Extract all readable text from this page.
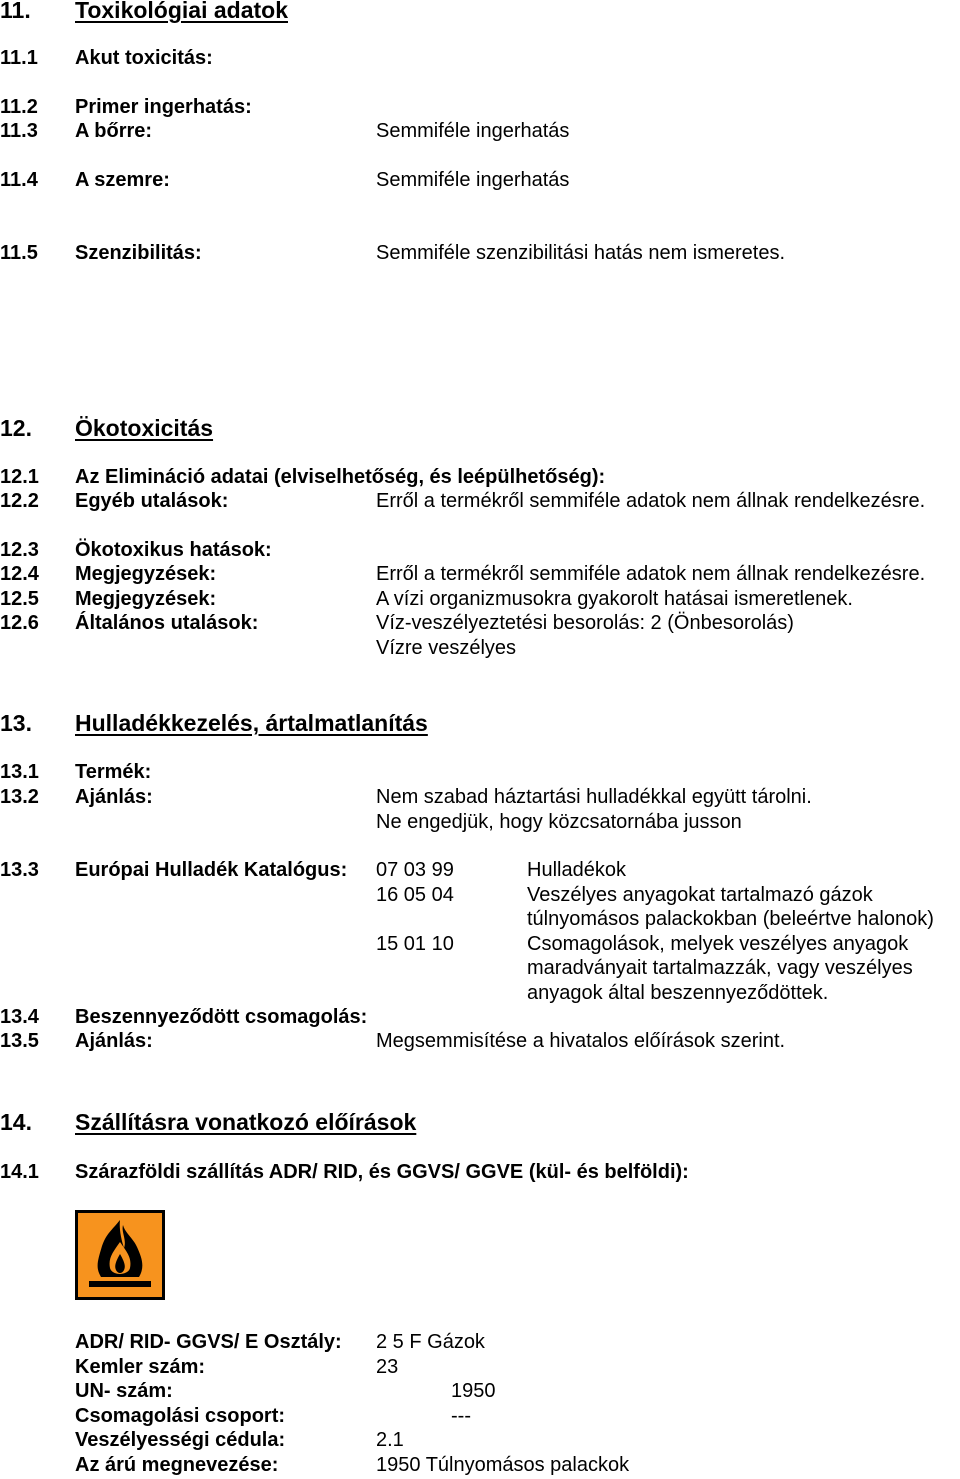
11. Toxikológiai adatok
11.1 Akut toxicitás:
11.2 Primer ingerhatás:
11.3 A bőrre:	Semmiféle ingerhatás
11.4 A szemre:	Semmiféle ingerhatás
11.5 Szenzibilitás:	Semmiféle szenzibilitási hatás nem ismeretes.
12. Ökotoxicitás
12.1 Az Elimináció adatai (elviselhetőség, és leépülhetőség):
12.2 Egyéb utalások:	Erről a termékről semmiféle adatok nem állnak rendelkezésre.
12.3 Ökotoxikus hatások:
12.4 Megjegyzések:	Erről a termékről semmiféle adatok nem állnak rendelkezésre.
12.5 Megjegyzések:	A vízi organizmusokra gyakorolt hatásai ismeretlenek.
12.6 Általános utalások:	Víz-veszélyeztetési besorolás: 2 (Önbesorolás)
Vízre veszélyes
13. Hulladékkezelés, ártalmatlanítás
13.1 Termék:
13.2 Ajánlás:	Nem szabad háztartási hulladékkal együtt tárolni.
Ne engedjük, hogy közcsatornába jusson
13.3 Európai Hulladék Katalógus: 07 03 99	Hulladékok
16 05 04	Veszélyes anyagokat tartalmazó gázok
túlnyomásos palackokban (beleértve halonok)
15 01 10	Csomagolások, melyek veszélyes anyagok
maradványait tartalmazzák, vagy veszélyes
anyagok által beszennyeződöttek.
13.4 Beszennyeződött csomagolás:
13.5 Ajánlás:	Megsemmisítése a hivatalos előírások szerint.
14. Szállításra vonatkozó előírások
14.1 Szárazföldi szállítás ADR/ RID, és GGVS/ GGVE (kül- és belföldi):
ADR/ RID- GGVS/ E Osztály: 2 5 F Gázok
Kemler szám:	23
UN- szám:	1950
Csomagolási csoport:	---
Veszélyességi cédula:	2.1
Az árú megnevezése:	1950 Túlnyomásos palackok
